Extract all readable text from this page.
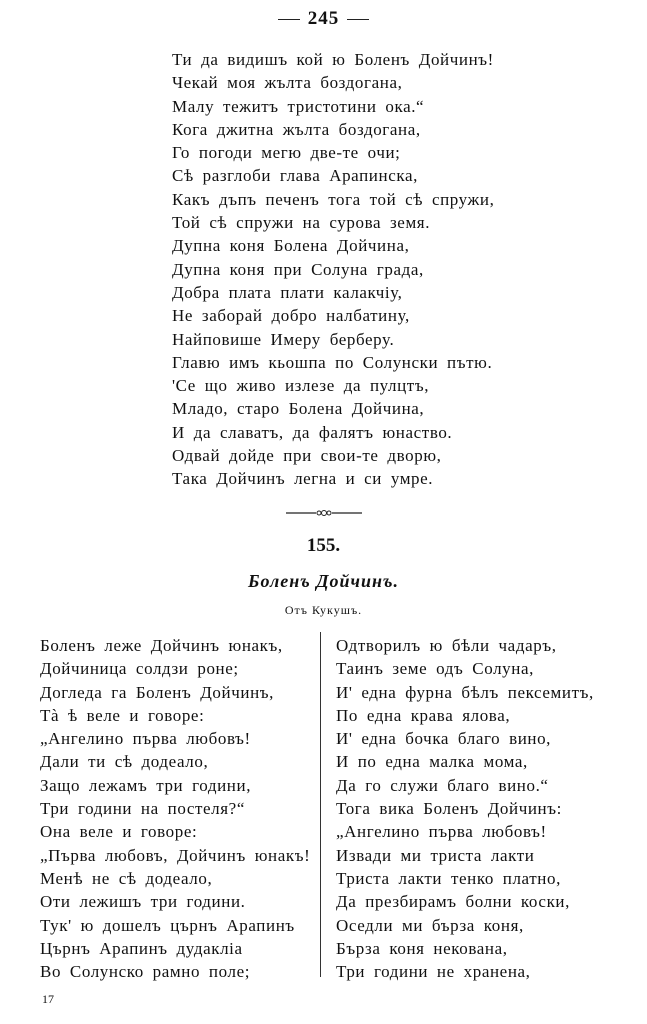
245
Ти да видишъ кой ю Боленъ Дойчинъ!
Чекай моя жълта боздогана,
Малу тежитъ тристотини ока.“
Кога джитна жълта боздогана,
Го погоди мегю две-те очи;
Сѣ разглоби глава Арапинска,
Какъ дъпъ печенъ тога той сѣ спружи,
Той сѣ спружи на сурова земя.
Дупна коня Болена Дойчина,
Дупна коня при Солуна града,
Добра плата плати калакчiу,
Не заборай добро налбатину,
Найповише Имеру берберу.
Главю имъ кьошпа по Солунски пътю.
'Се що живо излезе да пулцтъ,
Младо, старо Болена Дойчина,
И да славатъ, да фалятъ юнаство.
Одвай дойде при свои-те дворю,
Така Дойчинъ легна и си умре.
155.
Боленъ Дойчинъ.
Отъ Кукушъ.
Боленъ леже Дойчинъ юнакъ,
Дойчиница солдзи роне;
Догледа га Боленъ Дойчинъ,
Тà ѣ веле и говоре:
„Ангелино първа любовъ!
Дали ти сѣ додеало,
Защо лежамъ три години,
Три години на постеля?“
Она веле и говоре:
„Първа любовъ, Дойчинъ юнакъ!
Менѣ не сѣ додеало,
Оти лежишъ три години.
Тук' ю дошелъ църнъ Арапинъ
Църнъ Арапинъ дудаклiа
Во Солунско рамно поле;
Одтворилъ ю бѣли чадаръ,
Таинъ земе одъ Солуна,
И' една фурна бѣлъ пексемитъ,
По една крава ялова,
И' една бочка благо вино,
И по една малка мома,
Да го служи благо вино.“
Тога вика Боленъ Дойчинъ:
„Ангелино първа любовъ!
Извади ми триста лакти
Триста лакти тенко платно,
Да презбирамъ болни коски,
Оседли ми бърза коня,
Бърза коня некована,
Три години не хранена,
17
